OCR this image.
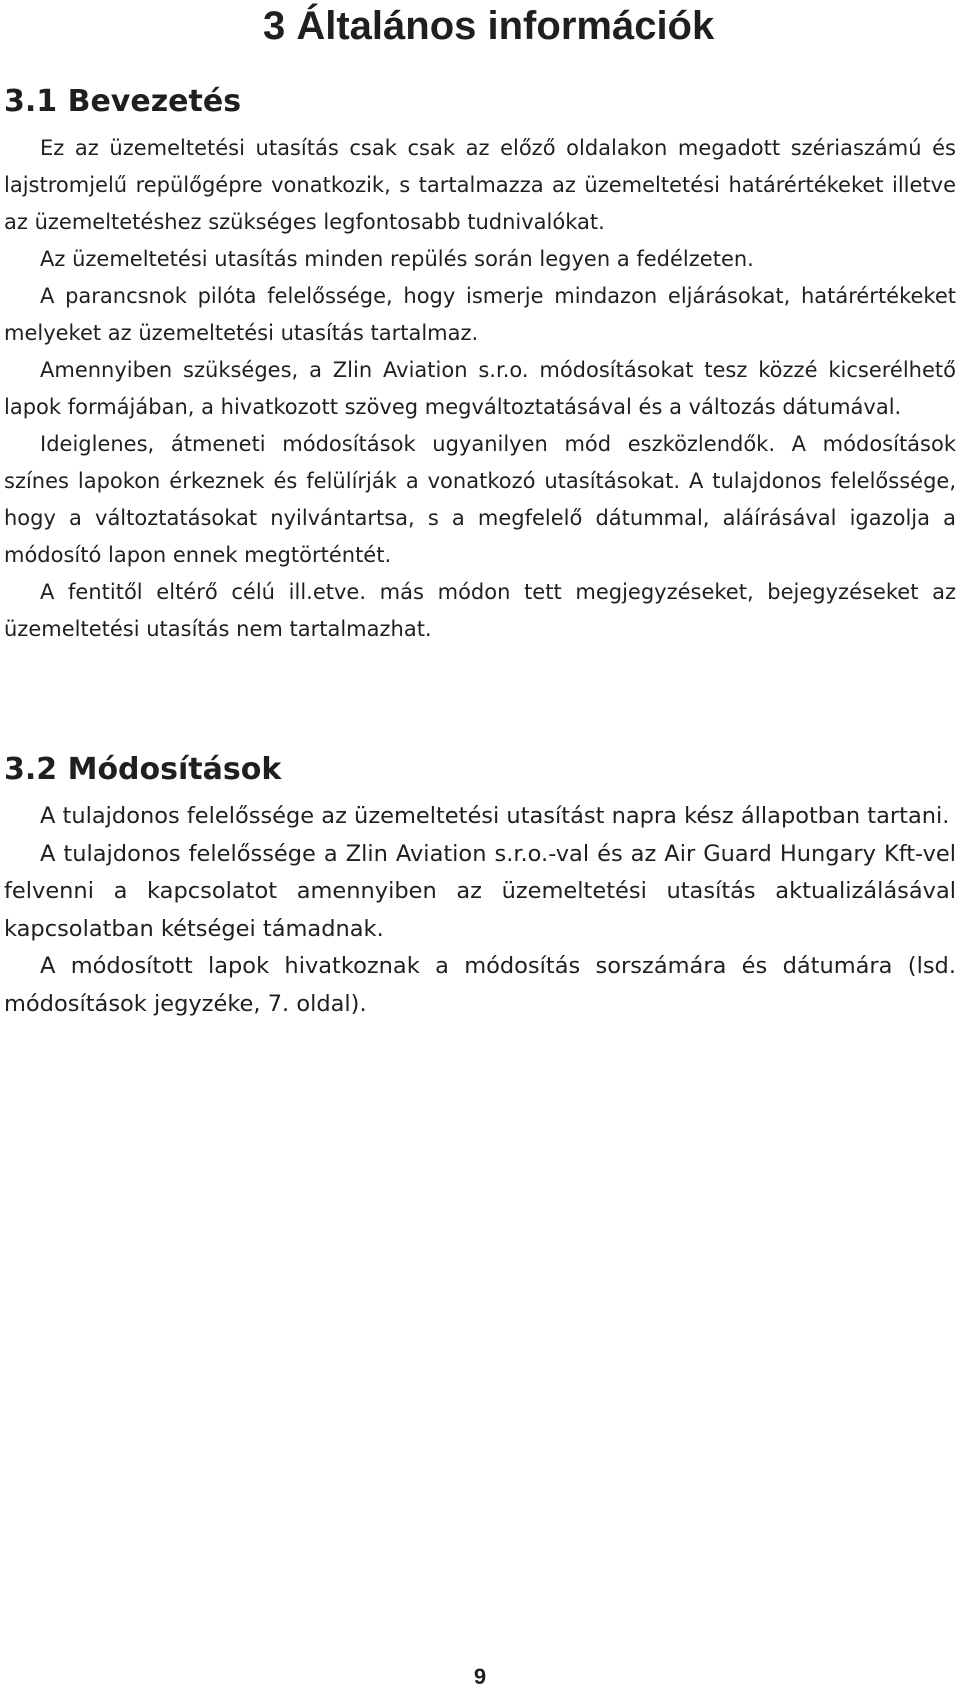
3 Általános információk
3.1 Bevezetés

Ez az üzemeltetési utasítás csak csak az előző oldalakon megadott szériaszámú és lajstromjelű repülőgépre vonatkozik, s tartalmazza az üzemeltetési határértékeket illetve az üzemeltetéshez szükséges legfontosabb tudnivalókat.

Az üzemeltetési utasítás minden repülés során legyen a fedélzeten.

A parancsnok pilóta felelőssége, hogy ismerje mindazon eljárásokat, határértékeket melyeket az üzemeltetési utasítás tartalmaz.

Amennyiben szükséges, a Zlin Aviation s.r.o. módosításokat tesz közzé kicserélhető lapok formájában, a hivatkozott szöveg megváltoztatásával és a változás dátumával.

Ideiglenes, átmeneti módosítások ugyanilyen mód eszközlendők. A módosítások színes lapokon érkeznek és felülírják a vonatkozó utasításokat. A tulajdonos felelőssége, hogy a változtatásokat nyilvántartsa, s a megfelelő dátummal, aláírásával igazolja a módosító lapon ennek megtörténtét.

A fentitől eltérő célú ill.etve. más módon tett megjegyzéseket, bejegyzéseket az üzemeltetési utasítás nem tartalmazhat.

3.2 Módosítások

A tulajdonos felelőssége az üzemeltetési utasítást napra kész állapotban tartani.

A tulajdonos felelőssége a Zlin Aviation s.r.o.-val és az Air Guard Hungary Kft-vel felvenni a kapcsolatot amennyiben az üzemeltetési utasítás aktualizálásával kapcsolatban kétségei támadnak.

A módosított lapok hivatkoznak a módosítás sorszámára és dátumára (lsd. módosítások jegyzéke, 7. oldal).

9
